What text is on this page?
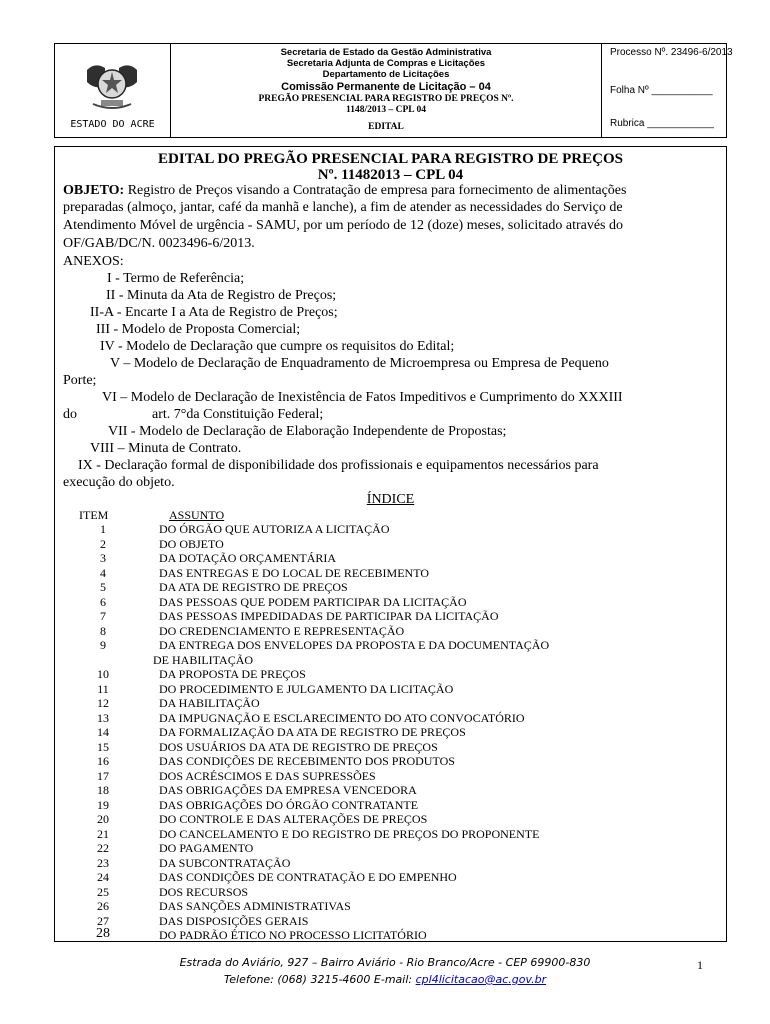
ESTADO DO ACRE
Secretaria de Estado da Gestão Administrativa
Secretaria Adjunta de Compras e Licitações
Departamento de Licitações
Comissão Permanente de Licitação – 04
PREGÃO PRESENCIAL PARA REGISTRO DE PREÇOS Nº.
1148/2013 – CPL 04
EDITAL
Processo Nº. 23496-6/2013
Folha Nº ___________
Rubrica ____________
EDITAL DO PREGÃO PRESENCIAL PARA REGISTRO DE PREÇOS
Nº. 11482013 – CPL 04
OBJETO: Registro de Preços visando a Contratação de empresa para fornecimento de alimentações
preparadas (almoço, jantar, café da manhã e lanche), a fim de atender as necessidades do Serviço de
Atendimento Móvel de urgência - SAMU, por um período de 12 (doze) meses, solicitado através do
OF/GAB/DC/N. 0023496-6/2013.
ANEXOS:
I - Termo de Referência;
II - Minuta da Ata de Registro de Preços;
II-A - Encarte I a Ata de Registro de Preços;
III - Modelo de Proposta Comercial;
IV - Modelo de Declaração que cumpre os requisitos do Edital;
V – Modelo de Declaração de Enquadramento de Microempresa ou Empresa de Pequeno
Porte;
VI – Modelo de Declaração de Inexistência de Fatos Impeditivos e Cumprimento do XXXIII
do	art. 7°da Constituição Federal;
VII - Modelo de Declaração de Elaboração Independente de Propostas;
VIII – Minuta de Contrato.
IX - Declaração formal de disponibilidade dos profissionais e equipamentos necessários para
execução do objeto.
ÍNDICE
ITEM	ASSUNTO
1	DO ÓRGÃO QUE AUTORIZA A LICITAÇÃO
2	DO OBJETO
3	DA DOTAÇÃO ORÇAMENTÁRIA
4	DAS ENTREGAS E DO LOCAL DE RECEBIMENTO
5	DA ATA DE REGISTRO DE PREÇOS
6	DAS PESSOAS QUE PODEM PARTICIPAR DA LICITAÇÃO
7	DAS PESSOAS IMPEDIDADAS DE PARTICIPAR DA LICITAÇÃO
8	DO CREDENCIAMENTO E REPRESENTAÇÃO
9	DA ENTREGA DOS ENVELOPES DA PROPOSTA E DA DOCUMENTAÇÃO
DE HABILITAÇÃO
10	DA PROPOSTA DE PREÇOS
11	DO PROCEDIMENTO E JULGAMENTO DA LICITAÇÃO
12	DA HABILITAÇÃO
13	DA IMPUGNAÇÃO E ESCLARECIMENTO DO ATO CONVOCATÓRIO
14	DA FORMALIZAÇÃO DA ATA DE REGISTRO DE PREÇOS
15	DOS USUÁRIOS DA ATA DE REGISTRO DE PREÇOS
16	DAS CONDIÇÕES DE RECEBIMENTO DOS PRODUTOS
17	DOS ACRÉSCIMOS E DAS SUPRESSÕES
18	DAS OBRIGAÇÕES DA EMPRESA VENCEDORA
19	DAS OBRIGAÇÕES DO ÓRGÃO CONTRATANTE
20	DO CONTROLE E DAS ALTERAÇÕES DE PREÇOS
21	DO CANCELAMENTO E DO REGISTRO DE PREÇOS DO PROPONENTE
22	DO PAGAMENTO
23	DA SUBCONTRATAÇÃO
24	DAS CONDIÇÕES DE CONTRATAÇÃO E DO EMPENHO
25	DOS RECURSOS
26	DAS SANÇÕES ADMINISTRATIVAS
27	DAS DISPOSIÇÕES GERAIS
28	DO PADRÃO ÉTICO NO PROCESSO LICITATÓRIO
1
Estrada do Aviário, 927 – Bairro Aviário - Rio Branco/Acre - CEP 69900-830
Telefone: (068) 3215-4600 E-mail: cpl4licitacao@ac.gov.br
